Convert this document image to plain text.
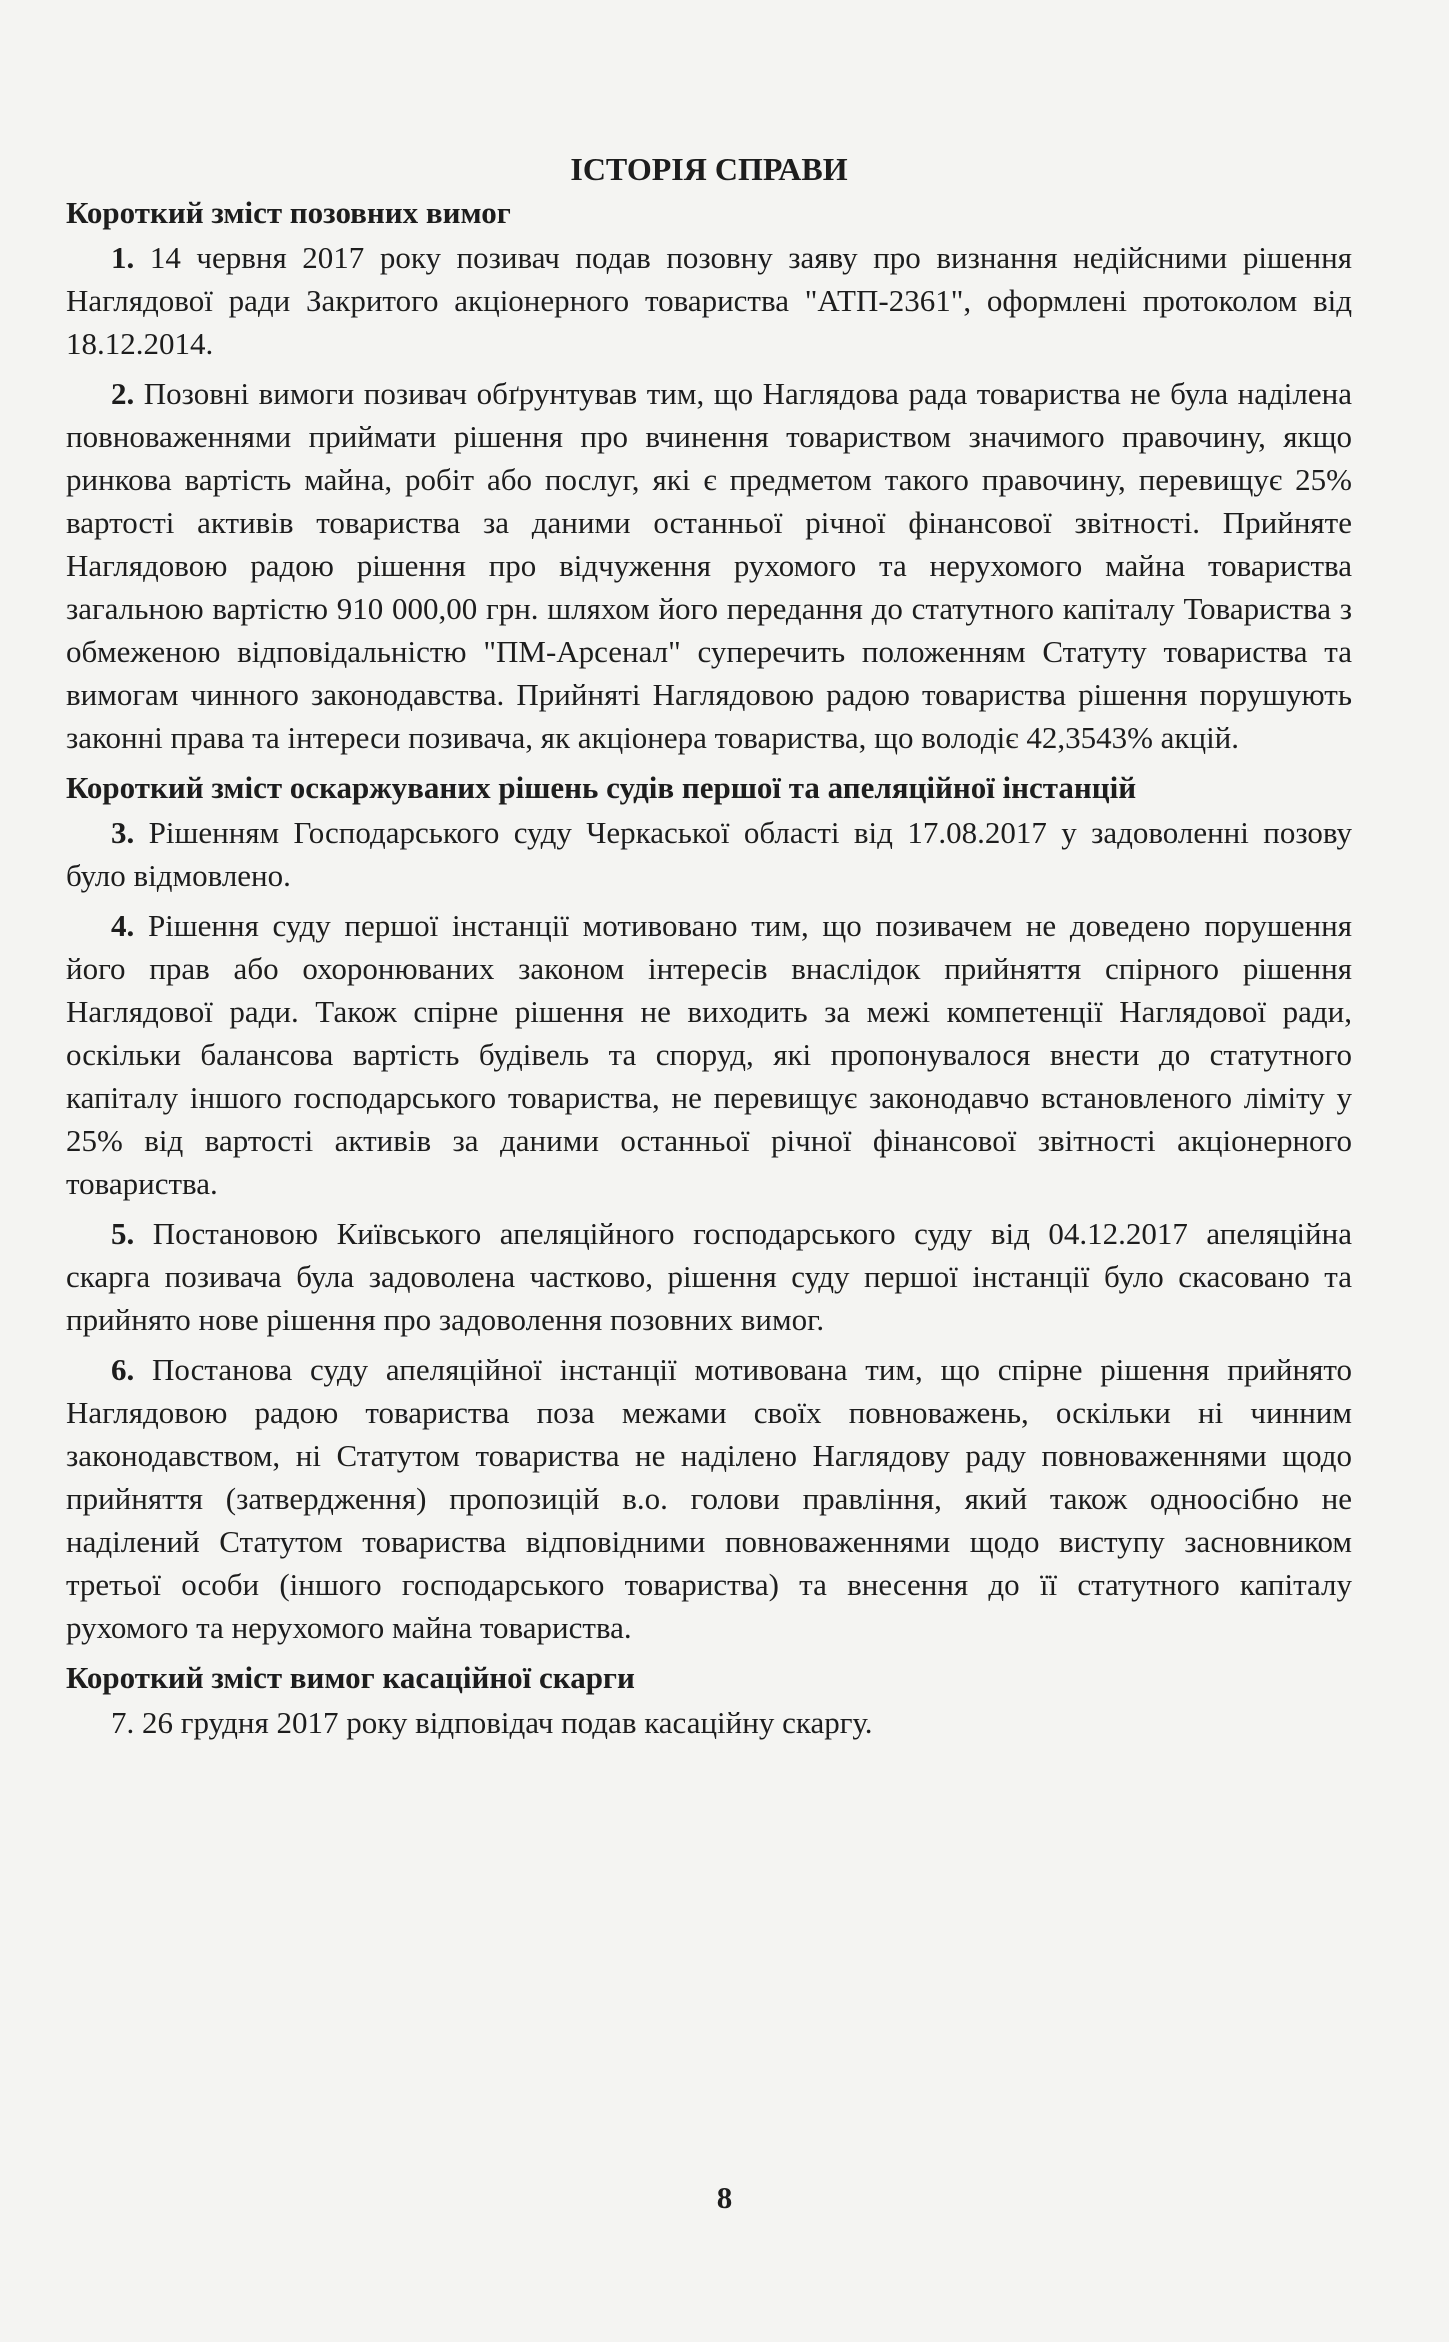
ІСТОРІЯ СПРАВИ

Короткий зміст позовних вимог

1. 14 червня 2017 року позивач подав позовну заяву про визнання недійсними рішення Наглядової ради Закритого акціонерного товариства "АТП-2361", оформлені протоколом від 18.12.2014.

2. Позовні вимоги позивач обґрунтував тим, що Наглядова рада товариства не була наділена повноваженнями приймати рішення про вчинення товариством значимого правочину, якщо ринкова вартість майна, робіт або послуг, які є предметом такого правочину, перевищує 25% вартості активів товариства за даними останньої річної фінансової звітності. Прийняте Наглядовою радою рішення про відчуження рухомого та нерухомого майна товариства загальною вартістю 910 000,00 грн. шляхом його передання до статутного капіталу Товариства з обмеженою відповідальністю "ПМ-Арсенал" суперечить положенням Статуту товариства та вимогам чинного законодавства. Прийняті Наглядовою радою товариства рішення порушують законні права та інтереси позивача, як акціонера товариства, що володіє 42,3543% акцій.

Короткий зміст оскаржуваних рішень судів першої та апеляційної інстанцій

3. Рішенням Господарського суду Черкаської області від 17.08.2017 у задоволенні позову було відмовлено.

4. Рішення суду першої інстанції мотивовано тим, що позивачем не доведено порушення його прав або охоронюваних законом інтересів внаслідок прийняття спірного рішення Наглядової ради. Також спірне рішення не виходить за межі компетенції Наглядової ради, оскільки балансова вартість будівель та споруд, які пропонувалося внести до статутного капіталу іншого господарського товариства, не перевищує законодавчо встановленого ліміту у 25% від вартості активів за даними останньої річної фінансової звітності акціонерного товариства.

5. Постановою Київського апеляційного господарського суду від 04.12.2017 апеляційна скарга позивача була задоволена частково, рішення суду першої інстанції було скасовано та прийнято нове рішення про задоволення позовних вимог.

6. Постанова суду апеляційної інстанції мотивована тим, що спірне рішення прийнято Наглядовою радою товариства поза межами своїх повноважень, оскільки ні чинним законодавством, ні Статутом товариства не наділено Наглядову раду повноваженнями щодо прийняття (затвердження) пропозицій в.о. голови правління, який також одноосібно не наділений Статутом товариства відповідними повноваженнями щодо виступу засновником третьої особи (іншого господарського товариства) та внесення до її статутного капіталу рухомого та нерухомого майна товариства.

Короткий зміст вимог касаційної скарги

7. 26 грудня 2017 року відповідач подав касаційну скаргу.

8
